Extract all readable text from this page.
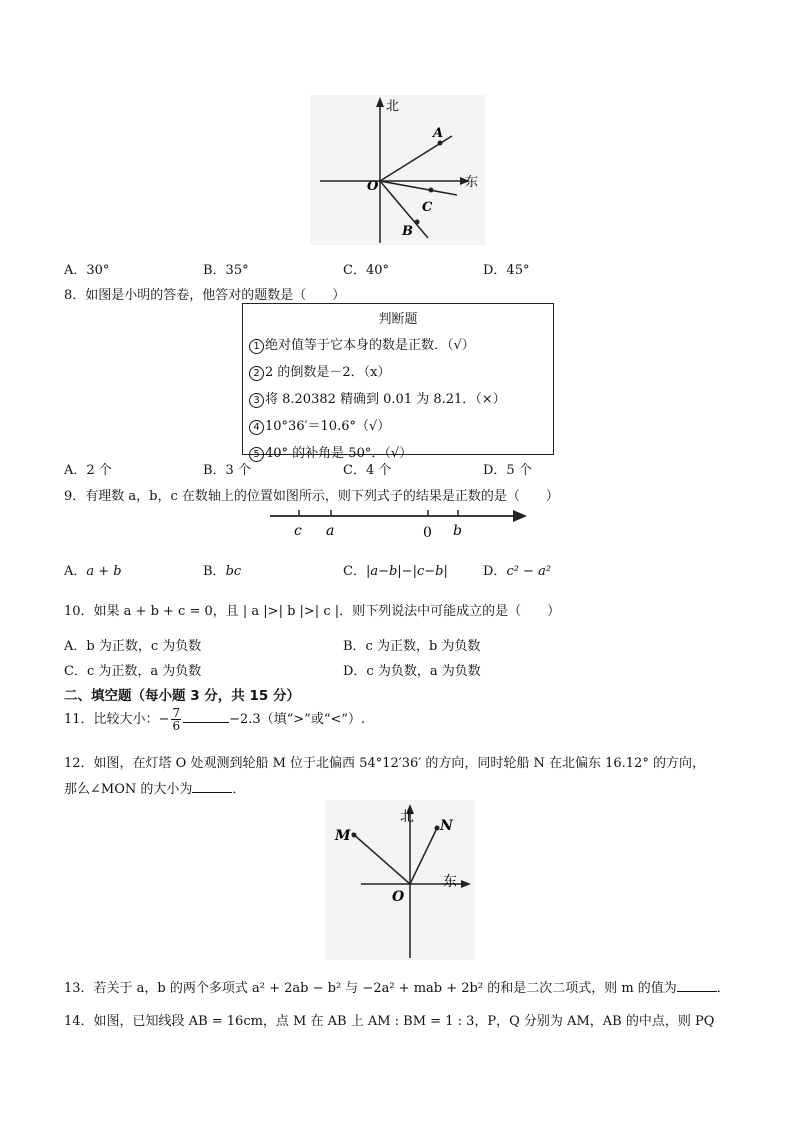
北
东
O
A
C
B
A．30°	B．35°	C．40°	D．45°
8．如图是小明的答卷，他答对的题数是（　　）
判断题
1 绝对值等于它本身的数是正数．（√）
2 2 的倒数是－2．（x）
3 将 8.20382 精确到 0.01 为 8.21．（×）
4 10°36′＝10.6°（√）
5 40° 的补角是 50°．（√）
A．2 个	B．3 个	C．4 个	D．5 个
9．有理数 a，b，c 在数轴上的位置如图所示，则下列式子的结果是正数的是（　　）
c a	0 b
A．a + b	B．bc	C．|a−b|−|c−b|	D．c² − a²
10．如果 a + b + c = 0，且 | a |>| b |>| c |．则下列说法中可能成立的是（　　）
A．b 为正数，c 为负数	B．c 为正数，b 为负数
C．c 为正数，a 为负数	D．c 为负数，a 为负数
二、填空题（每小题 3 分，共 15 分）
11．比较大小：− $\frac{7}{6}$	−2.3（填“>”或“<”）.
12．如图，在灯塔 O 处观测到轮船 M 位于北偏西 54°12′36′ 的方向，同时轮船 N 在北偏东 16.12° 的方向，
那么∠MON 的大小为	．
北
东
O
M
N
13．若关于 a，b 的两个多项式 a² + 2ab − b² 与 −2a² + mab + 2b² 的和是二次二项式，则 m 的值为	．
14．如图，已知线段 AB = 16cm，点 M 在 AB 上 AM : BM = 1 : 3，P，Q 分别为 AM，AB 的中点，则 PQ
